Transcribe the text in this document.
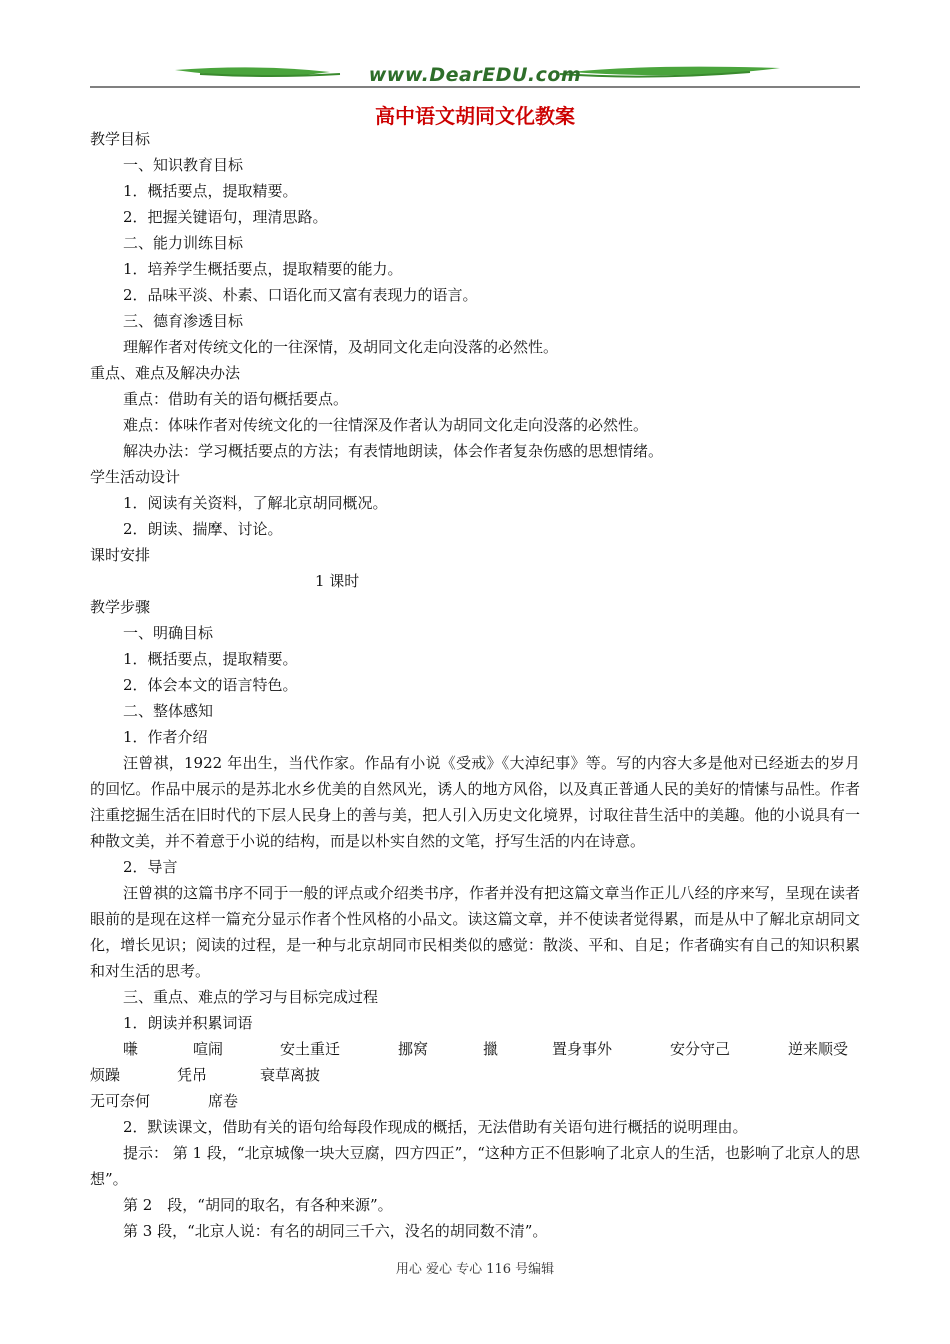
www.DearEDU.com
高中语文胡同文化教案
教学目标
一、知识教育目标
1．概括要点，提取精要。
2．把握关键语句，理清思路。
二、能力训练目标
1．培养学生概括要点，提取精要的能力。
2．品味平淡、朴素、口语化而又富有表现力的语言。
三、德育渗透目标
理解作者对传统文化的一往深情，及胡同文化走向没落的必然性。
重点、难点及解决办法
重点：借助有关的语句概括要点。
难点：体味作者对传统文化的一往情深及作者认为胡同文化走向没落的必然性。
解决办法：学习概括要点的方法；有表情地朗读，体会作者复杂伤感的思想情绪。
学生活动设计
1．阅读有关资料，了解北京胡同概况。
2．朗读、揣摩、讨论。
课时安排
1 课时
教学步骤
一、明确目标
1．概括要点，提取精要。
2．体会本文的语言特色。
二、整体感知
1．作者介绍
汪曾祺，1922 年出生，当代作家。作品有小说《受戒》《大淖纪事》等。写的内容大多是他对已经逝去的岁月的回忆。作品中展示的是苏北水乡优美的自然风光，诱人的地方风俗，以及真正普通人民的美好的情愫与品性。作者注重挖掘生活在旧时代的下层人民身上的善与美，把人引入历史文化境界，讨取往昔生活中的美趣。他的小说具有一种散文美，并不着意于小说的结构，而是以朴实自然的文笔，抒写生活的内在诗意。
2．导言
汪曾祺的这篇书序不同于一般的评点或介绍类书序，作者并没有把这篇文章当作正儿八经的序来写，呈现在读者眼前的是现在这样一篇充分显示作者个性风格的小品文。读这篇文章，并不使读者觉得累，而是从中了解北京胡同文化，增长见识；阅读的过程，是一种与北京胡同市民相类似的感觉：散淡、平和、自足；作者确实有自己的知识积累和对生活的思考。
三、重点、难点的学习与目标完成过程
1．朗读并积累词语
嗛	喧闹	安土重迁	挪窝	擸	置身事外	安分守己	逆来顺受
烦躁	凭吊	衰草离披
无可奈何	席卷
2．默读课文，借助有关的语句给每段作现成的概括，无法借助有关语句进行概括的说明理由。
提示： 第 1 段，“北京城像一块大豆腐，四方四正”，“这种方正不但影响了北京人的生活，也影响了北京人的思想”。
第 2　段，“胡同的取名，有各种来源”。
第 3 段，“北京人说：有名的胡同三千六，没名的胡同数不清”。
用心 爱心 专心 116 号编辑
